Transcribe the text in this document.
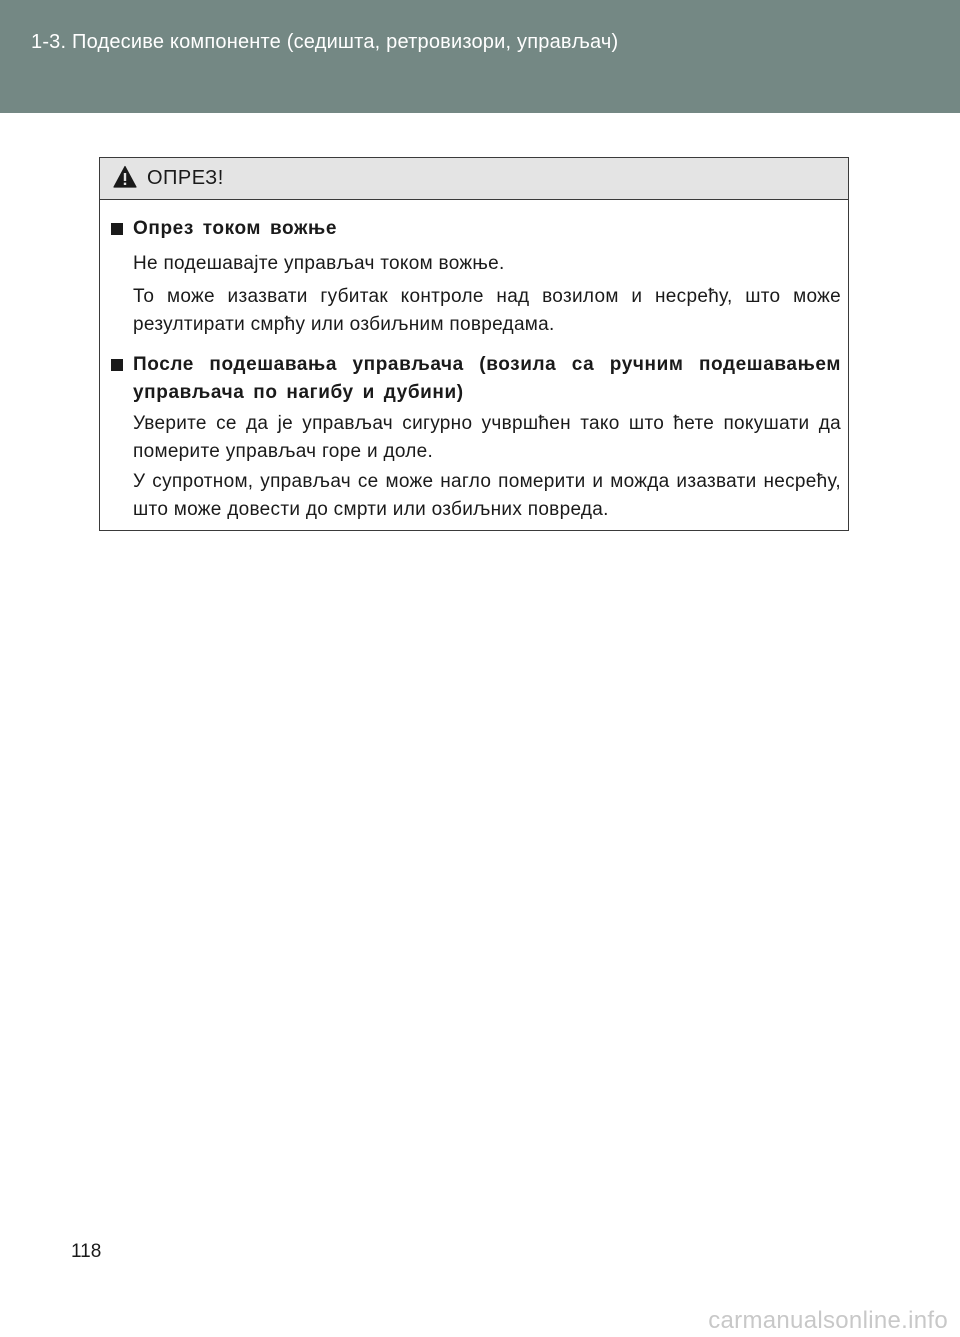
1-3. Подесиве компоненте (седишта, ретровизори, управљач)
ОПРЕЗ!
Опрез током вожње
Не подешавајте управљач током вожње.
То може изазвати губитак контроле над возилом и несрећу, што може резултирати смрћу или озбиљним повредама.
После подешавања управљача (возила са ручним подешавањем управљача по нагибу и дубини)
Уверите се да је управљач сигурно учвршћен тако што ћете покушати да померите управљач горе и доле.
У супротном, управљач се може нагло померити и можда изазвати несрећу, што може довести до смрти или озбиљних повреда.
118
carmanualsonline.info
